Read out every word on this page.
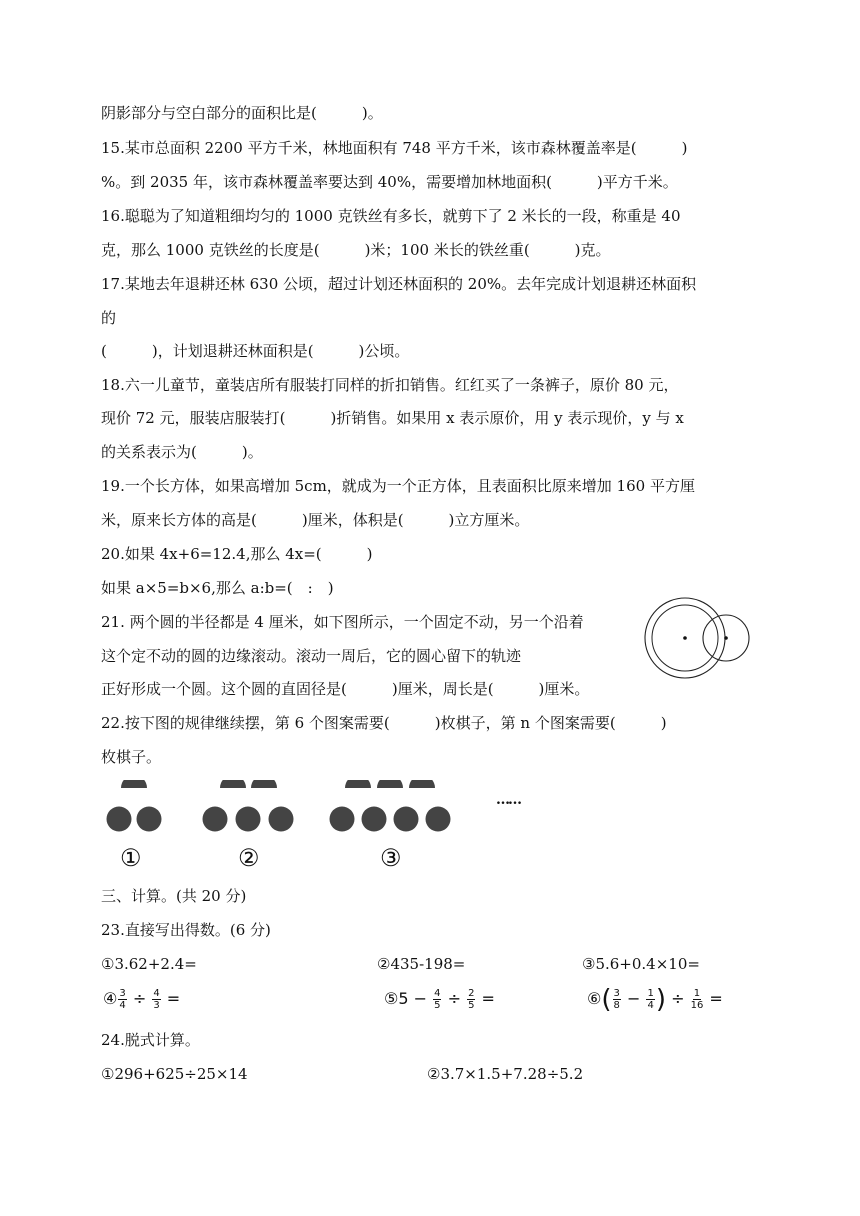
阴影部分与空白部分的面积比是(　　　)。
15.某市总面积 2200 平方千米，林地面积有 748 平方千米，该市森林覆盖率是(　　　)
%。到 2035 年，该市森林覆盖率要达到 40%，需要增加林地面积(　　　)平方千米。
16.聪聪为了知道粗细均匀的 1000 克铁丝有多长，就剪下了 2 米长的一段，称重是 40
克，那么 1000 克铁丝的长度是(　　　)米；100 米长的铁丝重(　　　)克。
17.某地去年退耕还林 630 公顷，超过计划还林面积的 20%。去年完成计划退耕还林面积
的
(　　　)，计划退耕还林面积是(　　　)公顷。
18.六一儿童节，童装店所有服装打同样的折扣销售。红红买了一条裤子，原价 80 元，
现价 72 元，服装店服装打(　　　)折销售。如果用 x 表示原价，用 y 表示现价，y 与 x
的关系表示为(　　　)。
19.一个长方体，如果高增加 5cm，就成为一个正方体，且表面积比原来增加 160 平方厘
米，原来长方体的高是(　　　)厘米，体积是(　　　)立方厘米。
20.如果 4x+6=12.4,那么 4x=(　　　)
如果 a×5=b×6,那么 a:b=(　:　)
21. 两个圆的半径都是 4 厘米，如下图所示，一个固定不动，另一个沿着
这个定不动的圆的边缘滚动。滚动一周后，它的圆心留下的轨迹
正好形成一个圆。这个圆的直固径是(　　　)厘米，周长是(　　　)厘米。
22.按下图的规律继续摆，第 6 个图案需要(　　　)枚棋子，第 n 个图案需要(　　　)
枚棋子。
……
①	②	③
三、计算。(共 20 分)
23.直接写出得数。(6 分)
①3.62+2.4=	②435-198=	③5.6+0.4×10=
④ $\frac{3}{4} \div \frac{4}{3}$ =	⑤5 − $\frac{4}{5} \div \frac{2}{5}$ =	⑥( $\frac{3}{8} - \frac{1}{4}$ ) ÷ $\frac{1}{16}$ =
24.脱式计算。
①296+625÷25×14	②3.7×1.5+7.28÷5.2
